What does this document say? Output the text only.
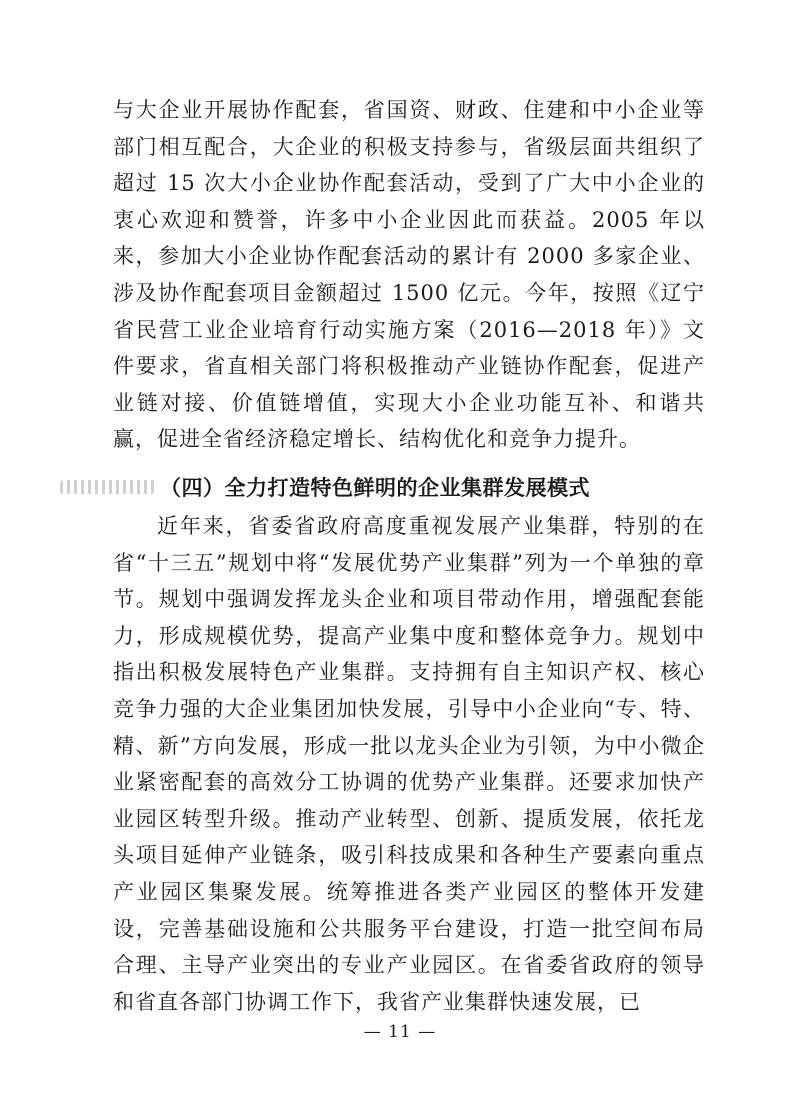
与大企业开展协作配套，省国资、财政、住建和中小企业等部门相互配合，大企业的积极支持参与，省级层面共组织了超过 15 次大小企业协作配套活动，受到了广大中小企业的衷心欢迎和赞誉，许多中小企业因此而获益。2005 年以来，参加大小企业协作配套活动的累计有 2000 多家企业、涉及协作配套项目金额超过 1500 亿元。今年，按照《辽宁省民营工业企业培育行动实施方案（2016—2018 年）》文件要求，省直相关部门将积极推动产业链协作配套，促进产业链对接、价值链增值，实现大小企业功能互补、和谐共赢，促进全省经济稳定增长、结构优化和竞争力提升。
（四）全力打造特色鲜明的企业集群发展模式
近年来，省委省政府高度重视发展产业集群，特别的在省“十三五”规划中将“发展优势产业集群”列为一个单独的章节。规划中强调发挥龙头企业和项目带动作用，增强配套能力，形成规模优势，提高产业集中度和整体竞争力。规划中指出积极发展特色产业集群。支持拥有自主知识产权、核心竞争力强的大企业集团加快发展，引导中小企业向“专、特、精、新”方向发展，形成一批以龙头企业为引领，为中小微企业紧密配套的高效分工协调的优势产业集群。还要求加快产业园区转型升级。推动产业转型、创新、提质发展，依托龙头项目延伸产业链条，吸引科技成果和各种生产要素向重点产业园区集聚发展。统筹推进各类产业园区的整体开发建设，完善基础设施和公共服务平台建设，打造一批空间布局合理、主导产业突出的专业产业园区。在省委省政府的领导和省直各部门协调工作下，我省产业集群快速发展，已
— 11 —
